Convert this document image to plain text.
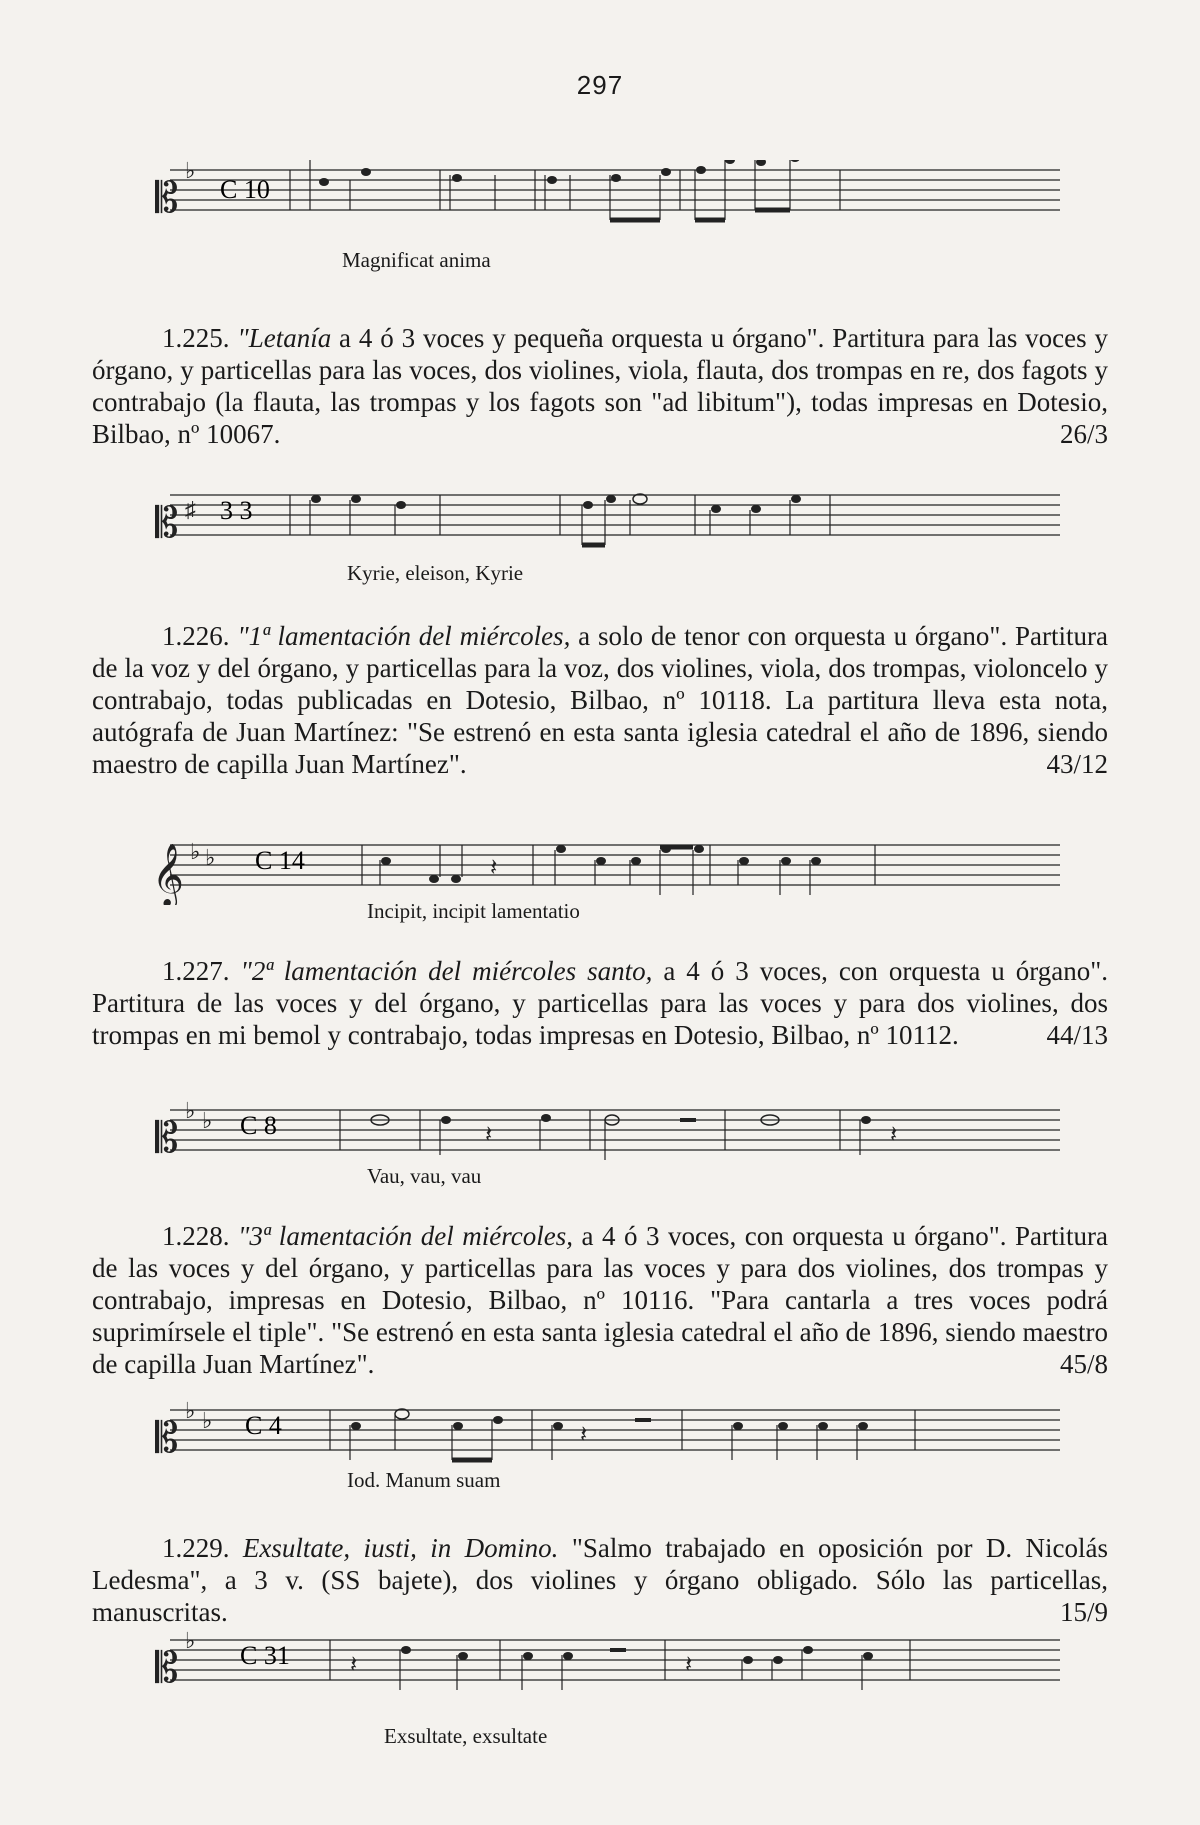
297
𝄡
♭
C 10
Magnificat anima
1.225. "Letanía a 4 ó 3 voces y pequeña orquesta u órgano". Partitura para las voces y órgano, y particellas para las voces, dos violines, viola, flauta, dos trompas en re, dos fagots y contrabajo (la flauta, las trompas y los fagots son "ad libitum"), todas impresas en Dotesio, Bilbao, nº 10067.	26/3
𝄡 ♯ 3 3
Kyrie, eleison, Kyrie
1.226. "1ª lamentación del miércoles, a solo de tenor con orquesta u órgano". Partitura de la voz y del órgano, y particellas para la voz, dos violines, viola, dos trompas, violoncelo y contrabajo, todas publicadas en Dotesio, Bilbao, nº 10118. La partitura lleva esta nota, autógrafa de Juan Martínez: "Se estrenó en esta santa iglesia catedral el año de 1896, siendo maestro de capilla Juan Martínez".	43/12
𝄞 ♭ ♭	𝄽
C 14
Incipit, incipit lamentatio
1.227. "2ª lamentación del miércoles santo, a 4 ó 3 voces, con orquesta u órgano". Partitura de las voces y del órgano, y particellas para las voces y para dos violines, dos trompas en mi bemol y contrabajo, todas impresas en Dotesio, Bilbao, nº 10112.	44/13
𝄡
♭ ♭
𝄽	𝄽
C 8
Vau, vau, vau
1.228. "3ª lamentación del miércoles, a 4 ó 3 voces, con orquesta u órgano". Partitura de las voces y del órgano, y particellas para las voces y para dos violines, dos trompas y contrabajo, impresas en Dotesio, Bilbao, nº 10116. "Para cantarla a tres voces podrá suprimírsele el tiple". "Se estrenó en esta santa iglesia catedral el año de 1896, siendo maestro de capilla Juan Martínez".	45/8
𝄡
♭ ♭
𝄽
C 4
Iod. Manum suam
1.229. Exsultate, iusti, in Domino. "Salmo trabajado en oposición por D. Nicolás Ledesma", a 3 v. (SS bajete), dos violines y órgano obligado. Sólo las particellas, manuscritas.	15/9
𝄡
♭
𝄽	𝄽
C 31
Exsultate, exsultate
